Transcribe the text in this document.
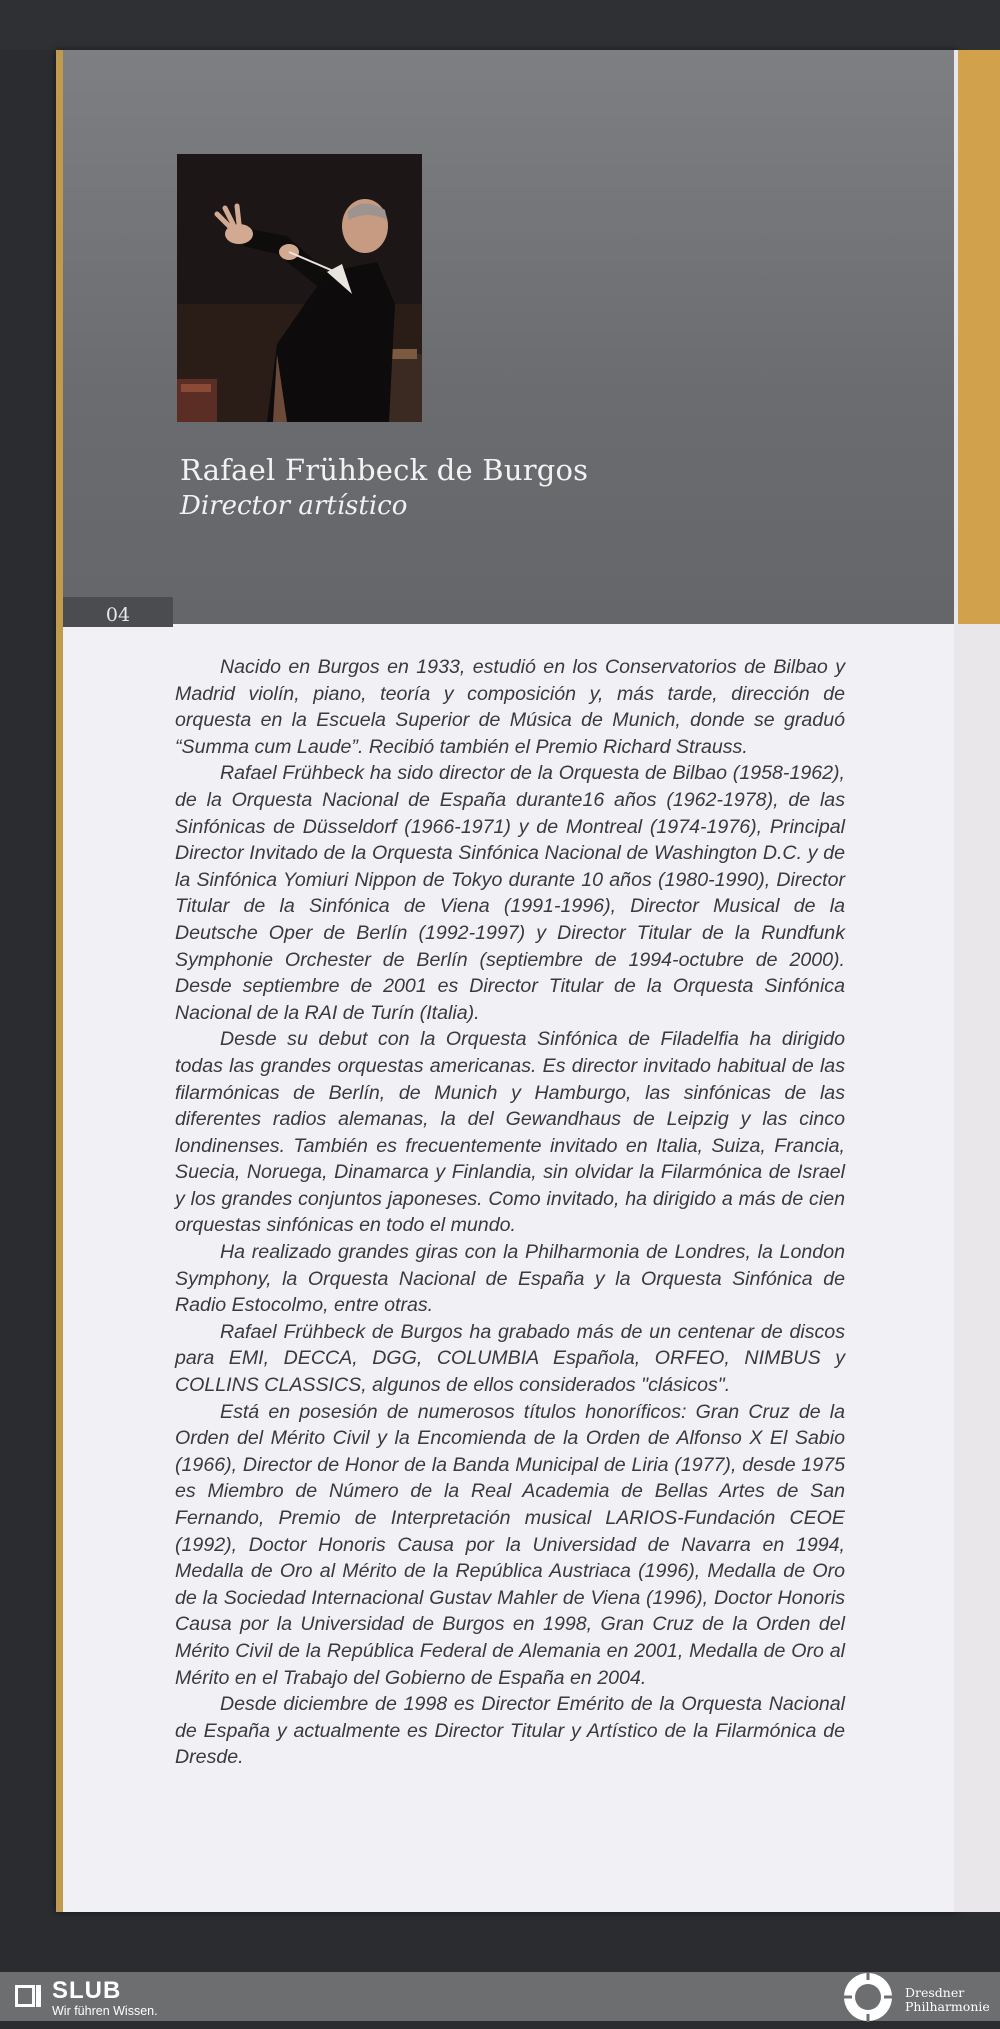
Rafael Frühbeck de Burgos
Director artístico
04

Nacido en Burgos en 1933, estudió en los Conservatorios de Bilbao y Madrid violín, piano, teoría y composición y, más tarde, dirección de orquesta en la Escuela Superior de Música de Munich, donde se graduó “Summa cum Laude”. Recibió también el Premio Richard Strauss.

Rafael Frühbeck ha sido director de la Orquesta de Bilbao (1958-1962), de la Orquesta Nacional de España durante16 años (1962-1978), de las Sinfónicas de Düsseldorf (1966-1971) y de Montreal (1974-1976), Principal Director Invitado de la Orquesta Sinfónica Nacional de Washington D.C. y de la Sinfónica Yomiuri Nippon de Tokyo durante 10 años (1980-1990), Director Titular de la Sinfónica de Viena (1991-1996), Director Musical de la Deutsche Oper de Berlín (1992-1997) y Director Titular de la Rundfunk Symphonie Orchester de Berlín (septiembre de 1994-octubre de 2000). Desde septiembre de 2001 es Director Titular de la Orquesta Sinfónica Nacional de la RAI de Turín (Italia).

Desde su debut con la Orquesta Sinfónica de Filadelfia ha dirigido todas las grandes orquestas americanas. Es director invitado habitual de las filarmónicas de Berlín, de Munich y Hamburgo, las sinfónicas de las diferentes radios alemanas, la del Gewandhaus de Leipzig y las cinco londinenses. También es frecuentemente invitado en Italia, Suiza, Francia, Suecia, Noruega, Dinamarca y Finlandia, sin olvidar la Filarmónica de Israel y los grandes conjuntos japoneses. Como invitado, ha dirigido a más de cien orquestas sinfónicas en todo el mundo.

Ha realizado grandes giras con la Philharmonia de Londres, la London Symphony, la Orquesta Nacional de España y la Orquesta Sinfónica de Radio Estocolmo, entre otras.

Rafael Frühbeck de Burgos ha grabado más de un centenar de discos para EMI, DECCA, DGG, COLUMBIA Española, ORFEO, NIMBUS y COLLINS CLASSICS, algunos de ellos considerados "clásicos".

Está en posesión de numerosos títulos honoríficos: Gran Cruz de la Orden del Mérito Civil y la Encomienda de la Orden de Alfonso X El Sabio (1966), Director de Honor de la Banda Municipal de Liria (1977), desde 1975 es Miembro de Número de la Real Academia de Bellas Artes de San Fernando, Premio de Interpretación musical LARIOS-Fundación CEOE (1992), Doctor Honoris Causa por la Universidad de Navarra en 1994, Medalla de Oro al Mérito de la República Austriaca (1996), Medalla de Oro de la Sociedad Internacional Gustav Mahler de Viena (1996), Doctor Honoris Causa por la Universidad de Burgos en 1998, Gran Cruz de la Orden del Mérito Civil de la República Federal de Alemania en 2001, Medalla de Oro al Mérito en el Trabajo del Gobierno de España en 2004.

Desde diciembre de 1998 es Director Emérito de la Orquesta Nacional de España y actualmente es Director Titular y Artístico de la Filarmónica de Dresde.

SLUB
Wir führen Wissen.
Dresdner
Philharmonie
